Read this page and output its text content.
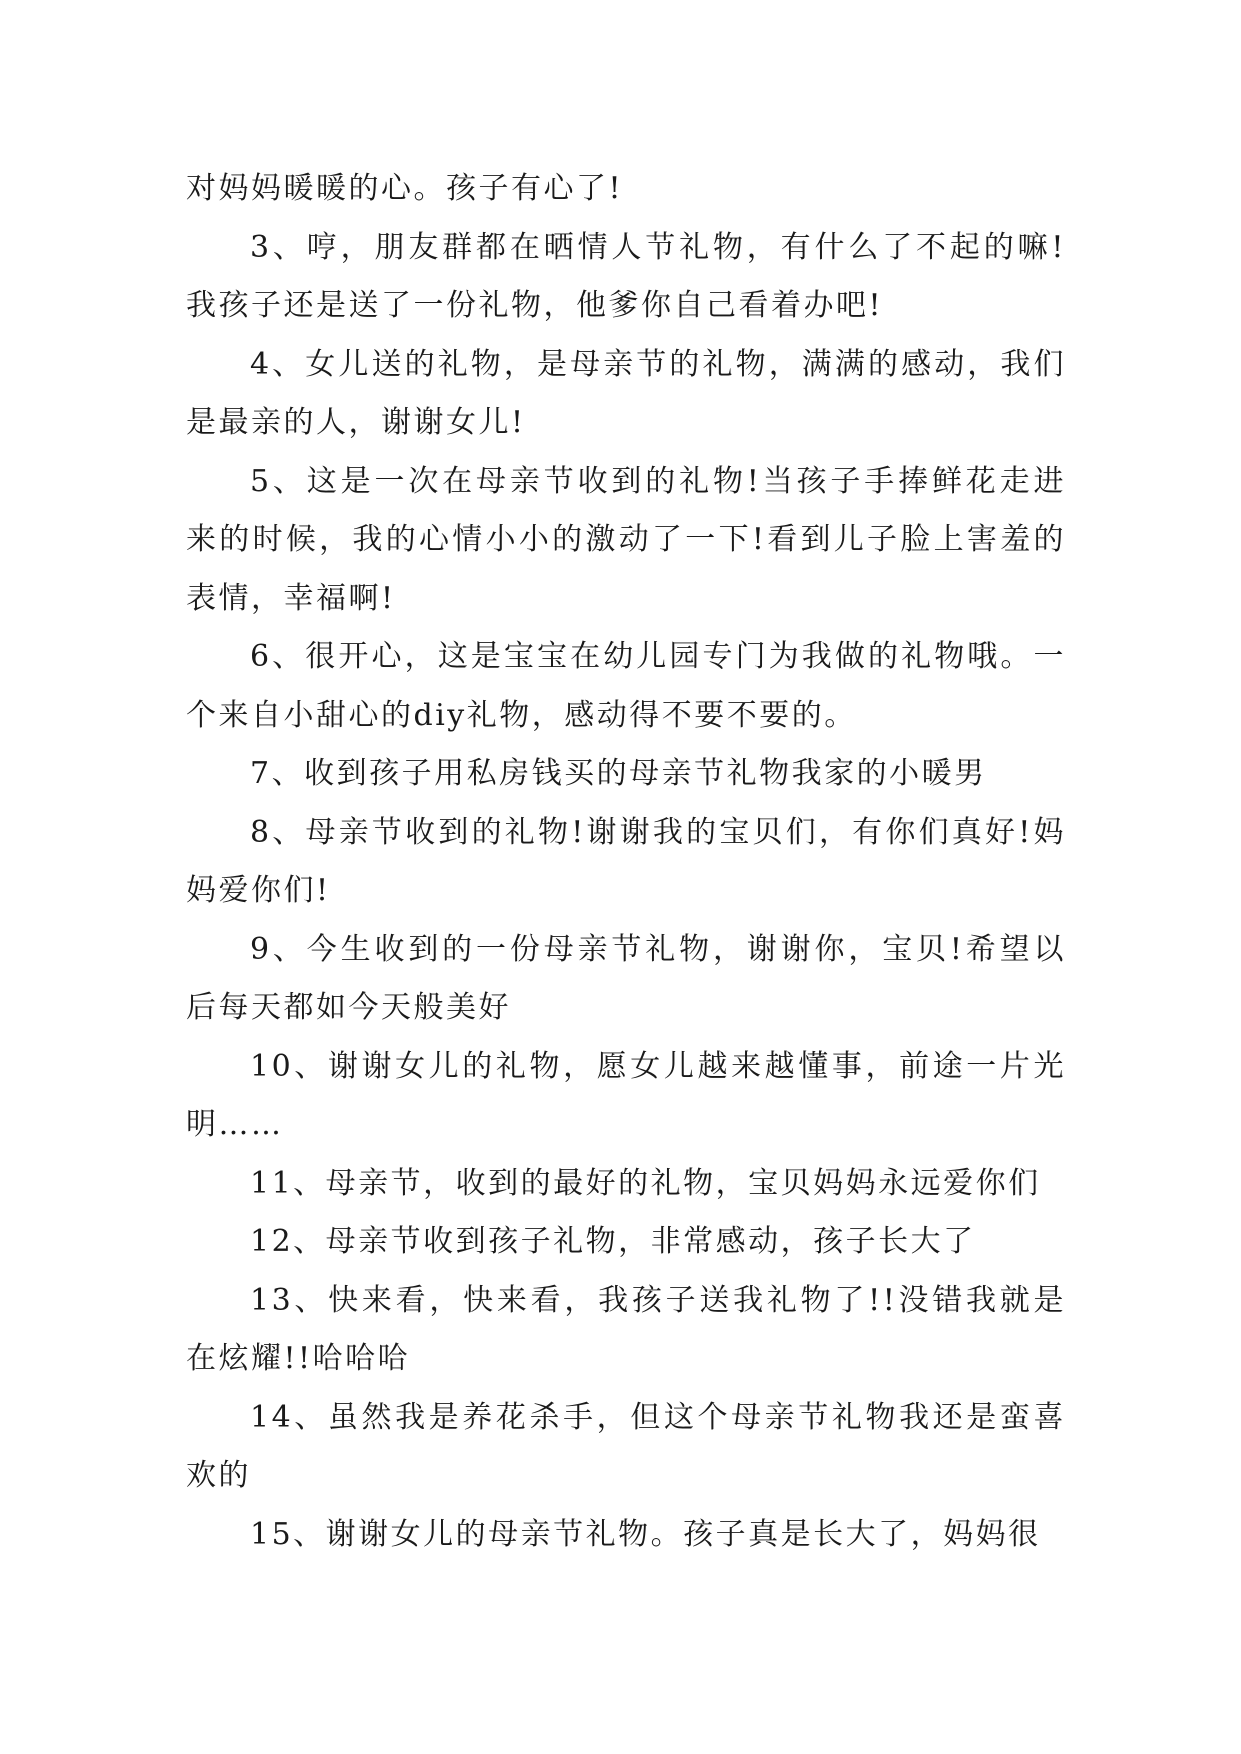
对妈妈暖暖的心。孩子有心了!

3、哼，朋友群都在晒情人节礼物，有什么了不起的嘛!我孩子还是送了一份礼物，他爹你自己看着办吧!

4、女儿送的礼物，是母亲节的礼物，满满的感动，我们是最亲的人，谢谢女儿!

5、这是一次在母亲节收到的礼物!当孩子手捧鲜花走进来的时候，我的心情小小的激动了一下!看到儿子脸上害羞的表情，幸福啊!

6、很开心，这是宝宝在幼儿园专门为我做的礼物哦。一个来自小甜心的diy礼物，感动得不要不要的。

7、收到孩子用私房钱买的母亲节礼物我家的小暖男

8、母亲节收到的礼物!谢谢我的宝贝们，有你们真好!妈妈爱你们!

9、今生收到的一份母亲节礼物，谢谢你，宝贝!希望以后每天都如今天般美好

10、谢谢女儿的礼物，愿女儿越来越懂事，前途一片光明……

11、母亲节，收到的最好的礼物，宝贝妈妈永远爱你们

12、母亲节收到孩子礼物，非常感动，孩子长大了

13、快来看，快来看，我孩子送我礼物了!!没错我就是在炫耀!!哈哈哈

14、虽然我是养花杀手，但这个母亲节礼物我还是蛮喜欢的

15、谢谢女儿的母亲节礼物。孩子真是长大了，妈妈很
